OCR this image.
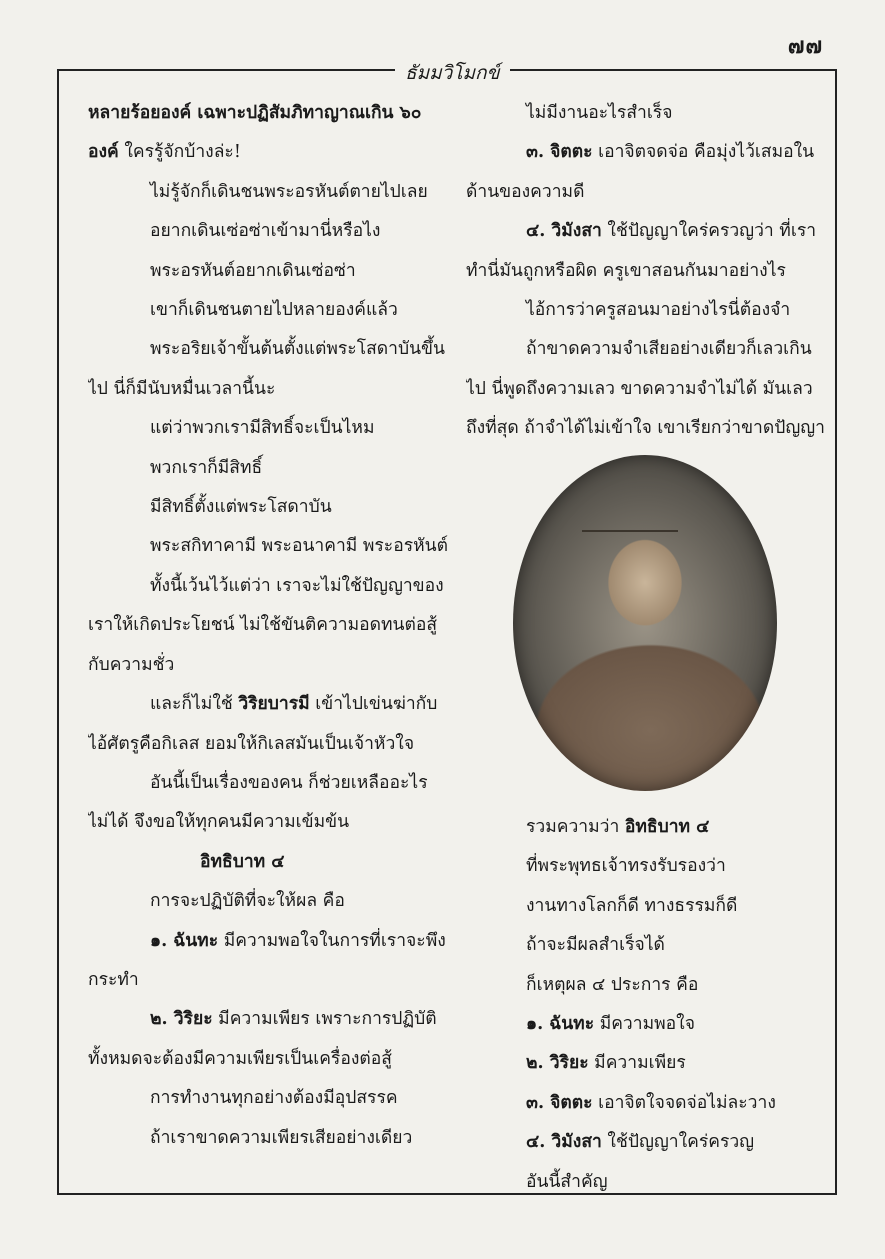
๗๗
ธัมมวิโมกข์

หลายร้อยองค์ เฉพาะปฏิสัมภิทาญาณเกิน ๖๐

องค์ ใครรู้จักบ้างล่ะ!

ไม่รู้จักก็เดินชนพระอรหันต์ตายไปเลย

อยากเดินเซ่อซ่าเข้ามานี่หรือไง

พระอรหันต์อยากเดินเซ่อซ่า

เขาก็เดินชนตายไปหลายองค์แล้ว

พระอริยเจ้าขั้นต้นตั้งแต่พระโสดาบันขึ้น

ไป นี่ก็มีนับหมื่นเวลานี้นะ

แต่ว่าพวกเรามีสิทธิ์จะเป็นไหม

พวกเราก็มีสิทธิ์

มีสิทธิ์ตั้งแต่พระโสดาบัน

พระสกิทาคามี พระอนาคามี พระอรหันต์

ทั้งนี้เว้นไว้แต่ว่า เราจะไม่ใช้ปัญญาของ

เราให้เกิดประโยชน์ ไม่ใช้ขันติความอดทนต่อสู้

กับความชั่ว

และก็ไม่ใช้ วิริยบารมี เข้าไปเข่นฆ่ากับ

ไอ้ศัตรูคือกิเลส ยอมให้กิเลสมันเป็นเจ้าหัวใจ

อันนี้เป็นเรื่องของคน ก็ช่วยเหลืออะไร

ไม่ได้ จึงขอให้ทุกคนมีความเข้มข้น

อิทธิบาท ๔

การจะปฏิบัติที่จะให้ผล คือ

๑. ฉันทะ มีความพอใจในการที่เราจะพึง

กระทำ

๒. วิริยะ มีความเพียร เพราะการปฏิบัติ

ทั้งหมดจะต้องมีความเพียรเป็นเครื่องต่อสู้

การทำงานทุกอย่างต้องมีอุปสรรค

ถ้าเราขาดความเพียรเสียอย่างเดียว

ไม่มีงานอะไรสำเร็จ

๓. จิตตะ เอาจิตจดจ่อ คือมุ่งไว้เสมอใน

ด้านของความดี

๔. วิมังสา ใช้ปัญญาใคร่ครวญว่า ที่เรา

ทำนี่มันถูกหรือผิด ครูเขาสอนกันมาอย่างไร

ไอ้การว่าครูสอนมาอย่างไรนี่ต้องจำ

ถ้าขาดความจำเสียอย่างเดียวก็เลวเกิน

ไป นี่พูดถึงความเลว ขาดความจำไม่ได้ มันเลว

ถึงที่สุด ถ้าจำได้ไม่เข้าใจ เขาเรียกว่าขาดปัญญา

รวมความว่า อิทธิบาท ๔

ที่พระพุทธเจ้าทรงรับรองว่า

งานทางโลกก็ดี ทางธรรมก็ดี

ถ้าจะมีผลสำเร็จได้

ก็เหตุผล ๔ ประการ คือ

๑. ฉันทะ มีความพอใจ

๒. วิริยะ มีความเพียร

๓. จิตตะ เอาจิตใจจดจ่อไม่ละวาง

๔. วิมังสา ใช้ปัญญาใคร่ครวญ

อันนี้สำคัญ
